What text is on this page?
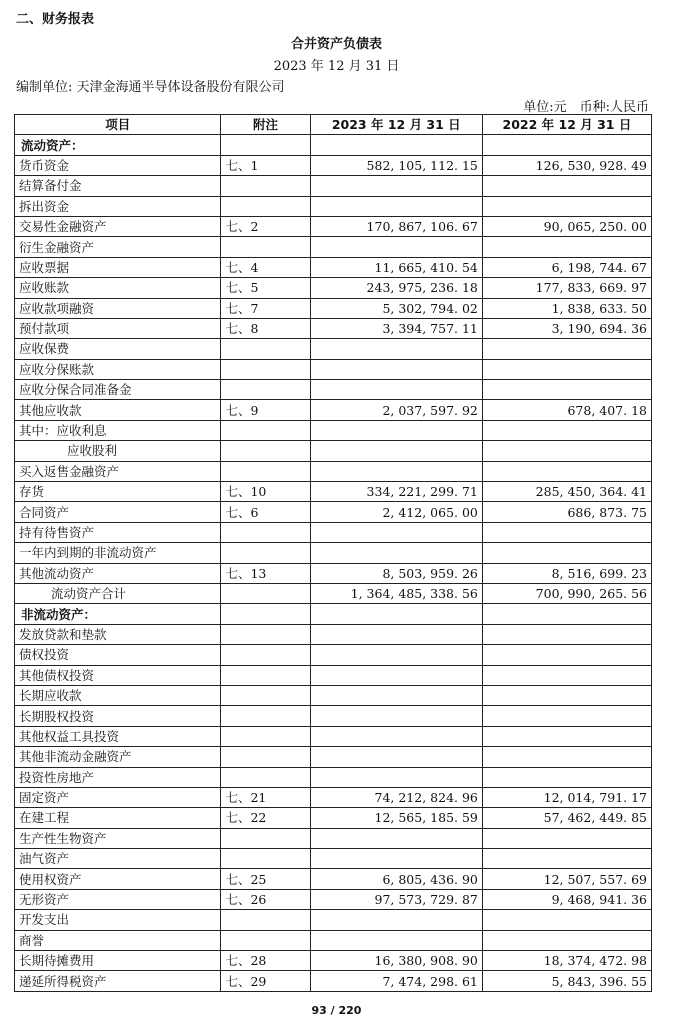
二、财务报表
合并资产负债表
2023 年 12 月 31 日
编制单位: 天津金海通半导体设备股份有限公司
单位:元　币种:人民币
项目	附注	2023 年 12 月 31 日	2022 年 12 月 31 日
流动资产：			
货币资金	七、1	582, 105, 112. 15	126, 530, 928. 49
结算备付金			
拆出资金			
交易性金融资产	七、2	170, 867, 106. 67	90, 065, 250. 00
衍生金融资产			
应收票据	七、4	11, 665, 410. 54	6, 198, 744. 67
应收账款	七、5	243, 975, 236. 18	177, 833, 669. 97
应收款项融资	七、7	5, 302, 794. 02	1, 838, 633. 50
预付款项	七、8	3, 394, 757. 11	3, 190, 694. 36
应收保费			
应收分保账款			
应收分保合同准备金			
其他应收款	七、9	2, 037, 597. 92	678, 407. 18
其中：应收利息			
应收股利			
买入返售金融资产			
存货	七、10	334, 221, 299. 71	285, 450, 364. 41
合同资产	七、6	2, 412, 065. 00	686, 873. 75
持有待售资产			
一年内到期的非流动资产			
其他流动资产	七、13	8, 503, 959. 26	8, 516, 699. 23
流动资产合计		1, 364, 485, 338. 56	700, 990, 265. 56
非流动资产：			
发放贷款和垫款			
债权投资			
其他债权投资			
长期应收款			
长期股权投资			
其他权益工具投资			
其他非流动金融资产			
投资性房地产			
固定资产	七、21	74, 212, 824. 96	12, 014, 791. 17
在建工程	七、22	12, 565, 185. 59	57, 462, 449. 85
生产性生物资产			
油气资产			
使用权资产	七、25	6, 805, 436. 90	12, 507, 557. 69
无形资产	七、26	97, 573, 729. 87	9, 468, 941. 36
开发支出			
商誉			
长期待摊费用	七、28	16, 380, 908. 90	18, 374, 472. 98
递延所得税资产	七、29	7, 474, 298. 61	5, 843, 396. 55
93 / 220
